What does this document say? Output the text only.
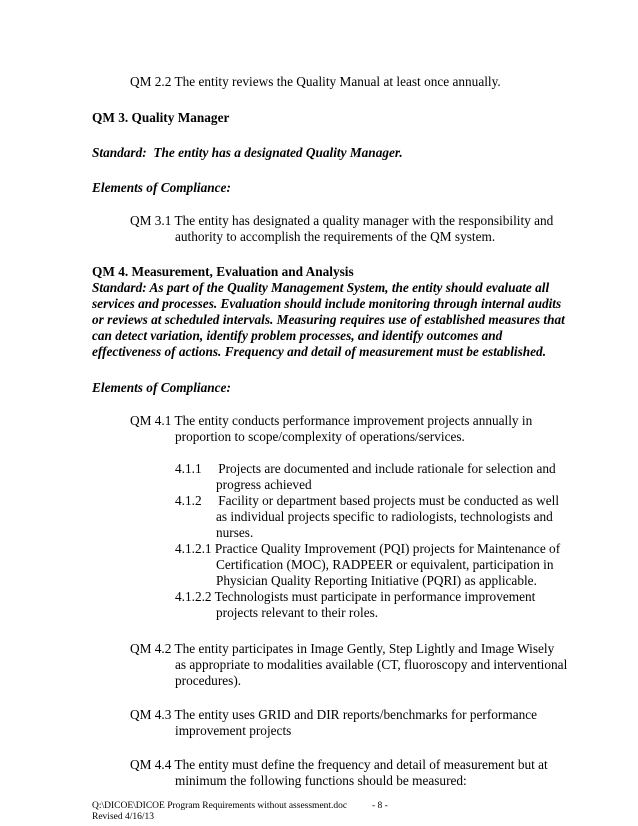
QM 2.2 The entity reviews the Quality Manual at least once annually.

QM 3. Quality Manager

Standard:  The entity has a designated Quality Manager.

Elements of Compliance:

QM 3.1 The entity has designated a quality manager with the responsibility and

authority to accomplish the requirements of the QM system.

QM 4. Measurement, Evaluation and Analysis

Standard: As part of the Quality Management System, the entity should evaluate all

services and processes. Evaluation should include monitoring through internal audits

or reviews at scheduled intervals. Measuring requires use of established measures that

can detect variation, identify problem processes, and identify outcomes and

effectiveness of actions. Frequency and detail of measurement must be established.

Elements of Compliance:

QM 4.1 The entity conducts performance improvement projects annually in

proportion to scope/complexity of operations/services.

4.1.1     Projects are documented and include rationale for selection and

progress achieved

4.1.2     Facility or department based projects must be conducted as well

as individual projects specific to radiologists, technologists and

nurses.

4.1.2.1 Practice Quality Improvement (PQI) projects for Maintenance of

Certification (MOC), RADPEER or equivalent, participation in

Physician Quality Reporting Initiative (PQRI) as applicable.

4.1.2.2 Technologists must participate in performance improvement

projects relevant to their roles.

QM 4.2 The entity participates in Image Gently, Step Lightly and Image Wisely

as appropriate to modalities available (CT, fluoroscopy and interventional

procedures).

QM 4.3 The entity uses GRID and DIR reports/benchmarks for performance

improvement projects

QM 4.4 The entity must define the frequency and detail of measurement but at

minimum the following functions should be measured:

Q:\DICOE\DICOE Program Requirements without assessment.doc	- 8 -
Revised 4/16/13
